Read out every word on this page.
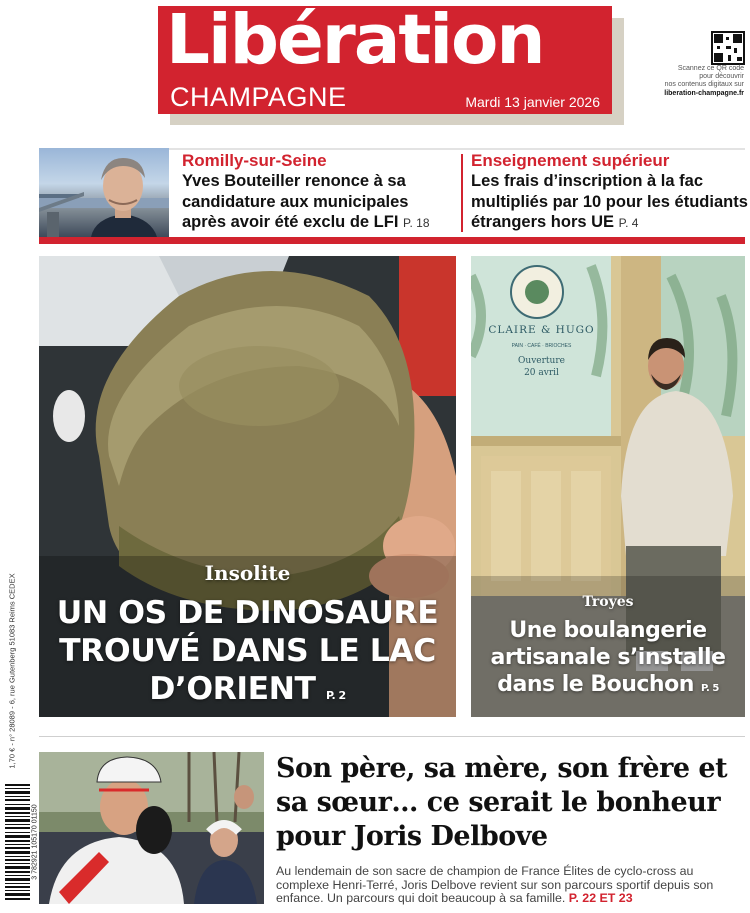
Libération
CHAMPAGNE	Mardi 13 janvier 2026
Scannez ce QR code
pour découvrir
nos contenus digitaux sur
liberation-champagne.fr
Romilly-sur-Seine
Yves Bouteiller renonce à sa candidature aux municipales après avoir été exclu de LFI P. 18
Enseignement supérieur
Les frais d’inscription à la fac multipliés par 10 pour les étudiants étrangers hors UE P. 4
Insolite
UN OS DE DINOSAURE
TROUVÉ DANS LE LAC
D’ORIENT P. 2
CLAIRE & HUGO
PAIN · CAFÉ · BRIOCHES
Ouverture
20 avril
Troyes
Une boulangerie
artisanale s’installe
dans le Bouchon P. 5
Son père, sa mère, son frère et sa sœur… ce serait le bonheur pour Joris Delbove
Au lendemain de son sacre de champion de France Élites de cyclo-cross au complexe Henri-Terré, Joris Delbove revient sur son parcours sportif depuis son enfance. Un parcours qui doit beaucoup à sa famille. P. 22 ET 23
1,70 € - n° 28089 - 6, rue Gutenberg 51083 Reims CEDEX
3 782921 105170 01150
